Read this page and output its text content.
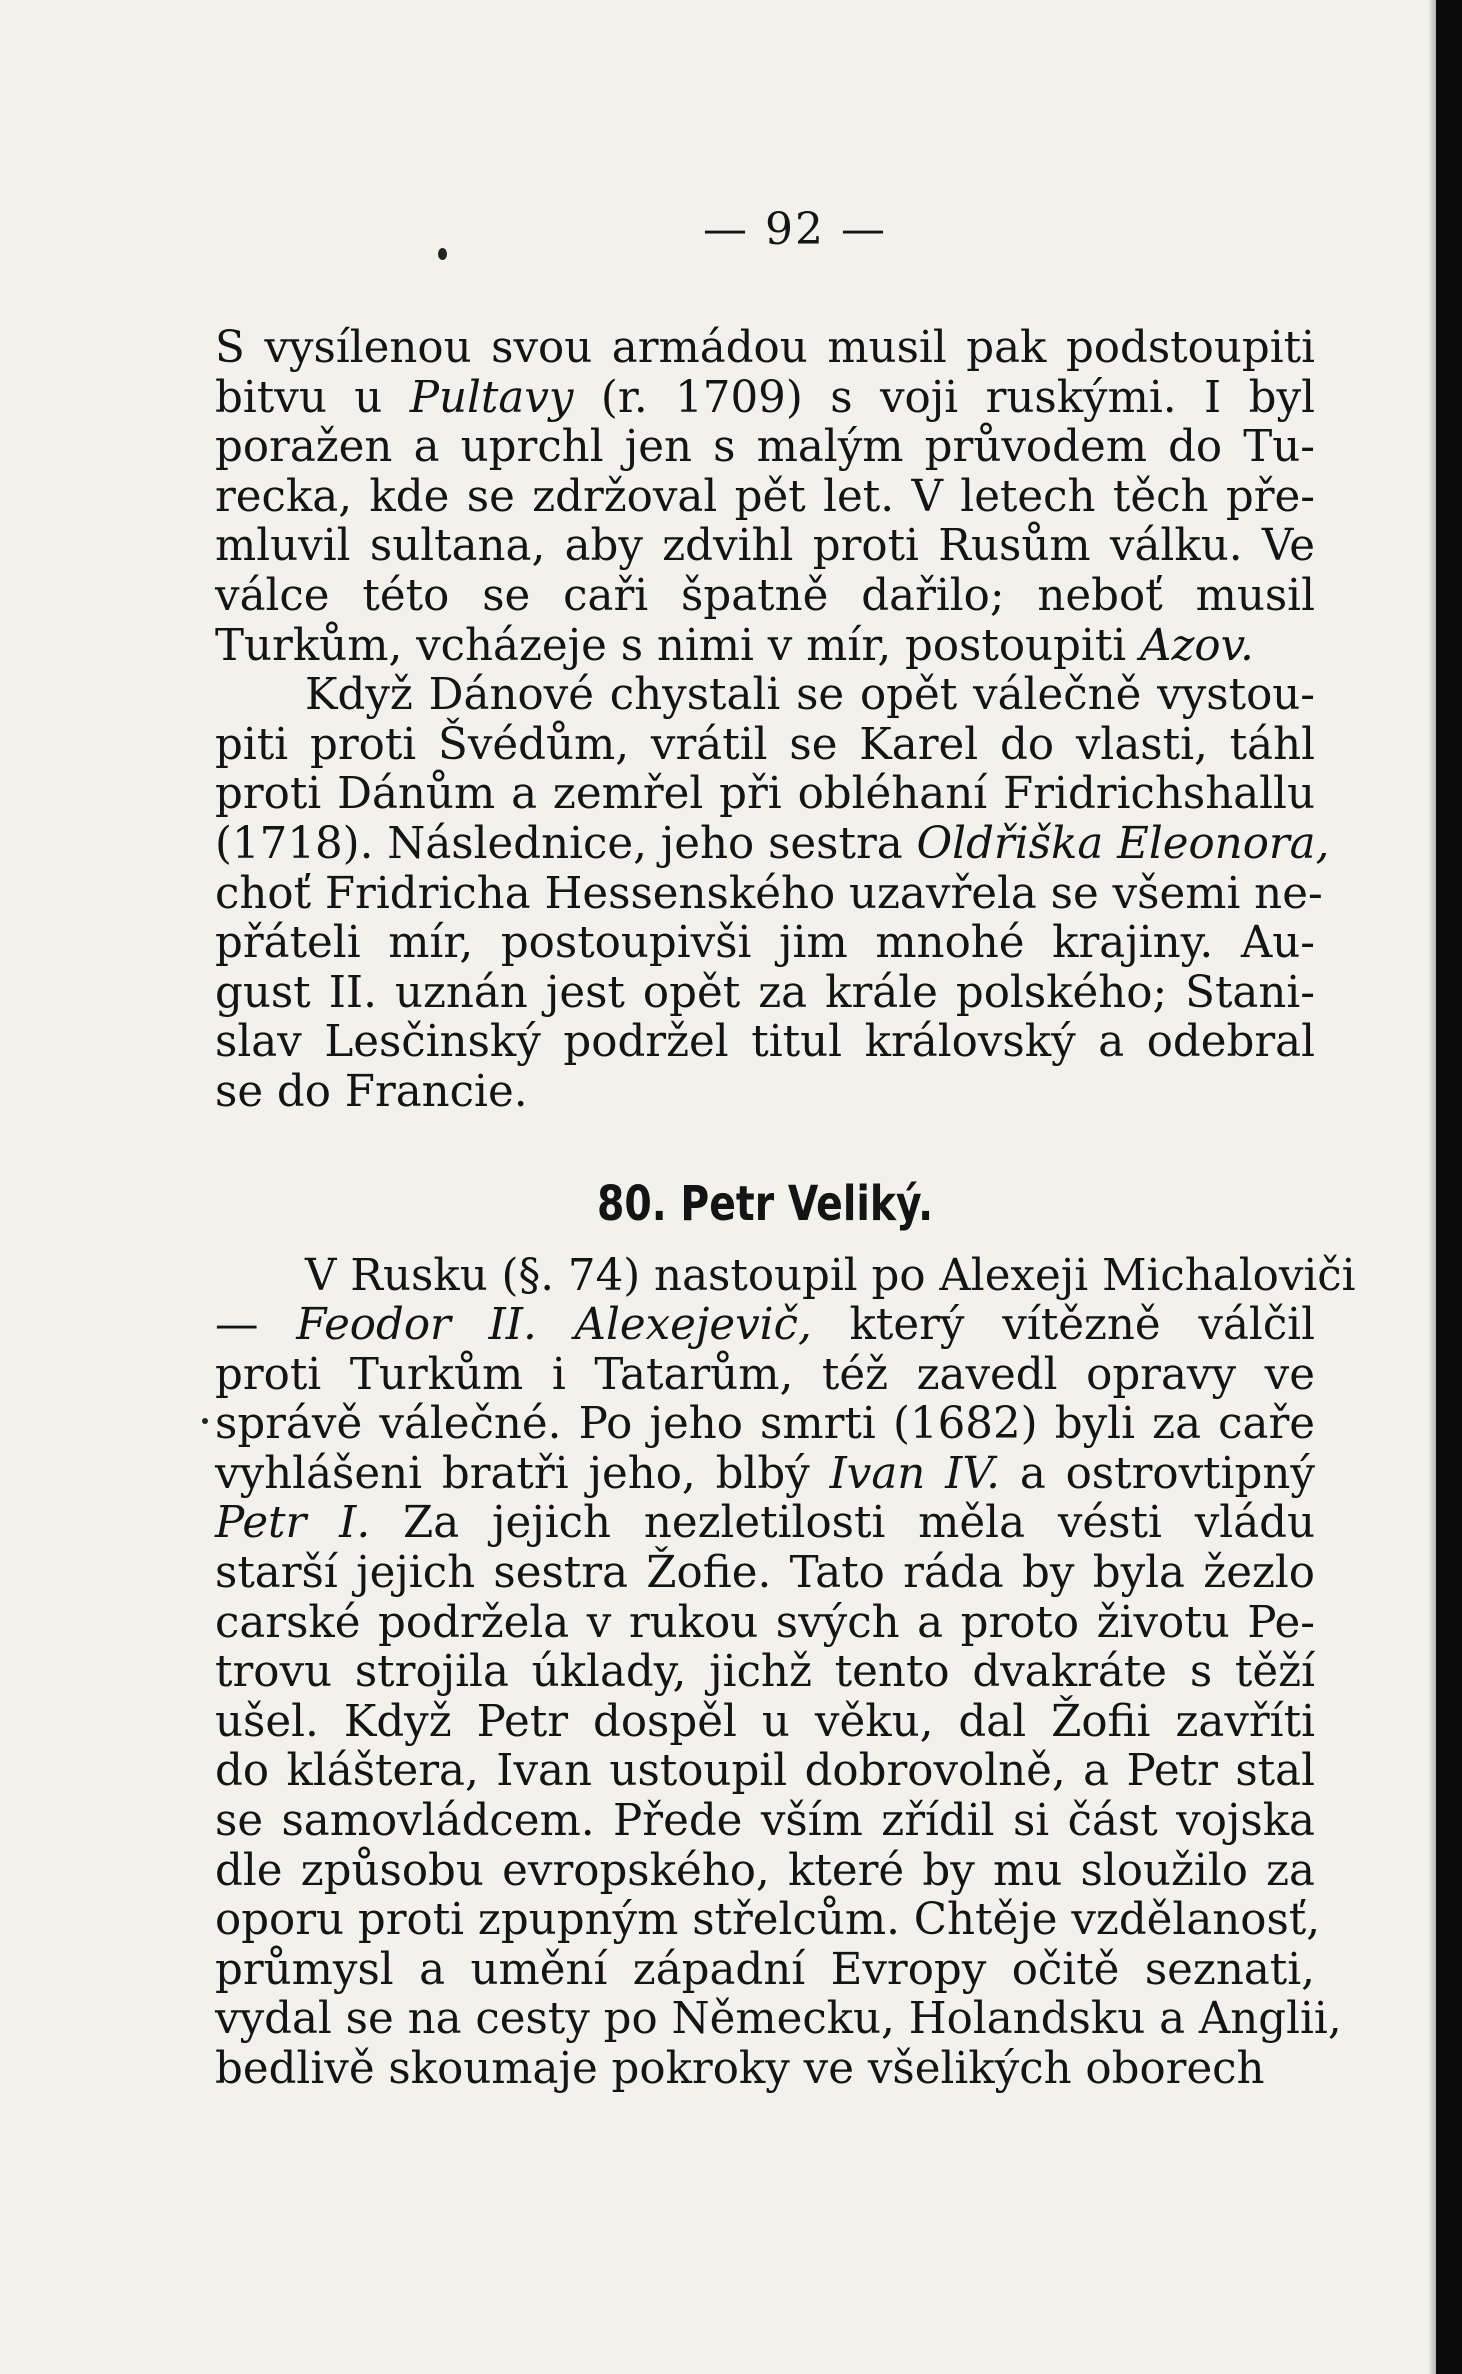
— 92 —
S vysílenou svou armádou musil pak podstoupiti
bitvu u Pultavy (r. 1709) s voji ruskými. I byl
poražen a uprchl jen s malým průvodem do Tu-
recka, kde se zdržoval pět let. V letech těch pře-
mluvil sultana, aby zdvihl proti Rusům válku. Ve
válce této se caři špatně dařilo; neboť musil
Turkům, vcházeje s nimi v mír, postoupiti Azov.
Když Dánové chystali se opět válečně vystou-
piti proti Švédům, vrátil se Karel do vlasti, táhl
proti Dánům a zemřel při obléhaní Fridrichshallu
(1718). Následnice, jeho sestra Oldřiška Eleonora,
choť Fridricha Hessenského uzavřela se všemi ne-
přáteli mír, postoupivši jim mnohé krajiny. Au-
gust II. uznán jest opět za krále polského; Stani-
slav Lesčinský podržel titul královský a odebral
se do Francie.
80. Petr Veliký.
V Rusku (§. 74) nastoupil po Alexeji Michaloviči
— Feodor II. Alexejevič, který vítězně válčil
proti Turkům i Tatarům, též zavedl opravy ve
správě válečné. Po jeho smrti (1682) byli za caře
vyhlášeni bratři jeho, blbý Ivan IV. a ostrovtipný
Petr I. Za jejich nezletilosti měla vésti vládu
starší jejich sestra Žofie. Tato ráda by byla žezlo
carské podržela v rukou svých a proto životu Pe-
trovu strojila úklady, jichž tento dvakráte s těží
ušel. Když Petr dospěl u věku, dal Žofii zavříti
do kláštera, Ivan ustoupil dobrovolně, a Petr stal
se samovládcem. Přede vším zřídil si část vojska
dle způsobu evropského, které by mu sloužilo za
oporu proti zpupným střelcům. Chtěje vzdělanosť,
průmysl a umění západní Evropy očitě seznati,
vydal se na cesty po Německu, Holandsku a Anglii,
bedlivě skoumaje pokroky ve všelikých oborech
